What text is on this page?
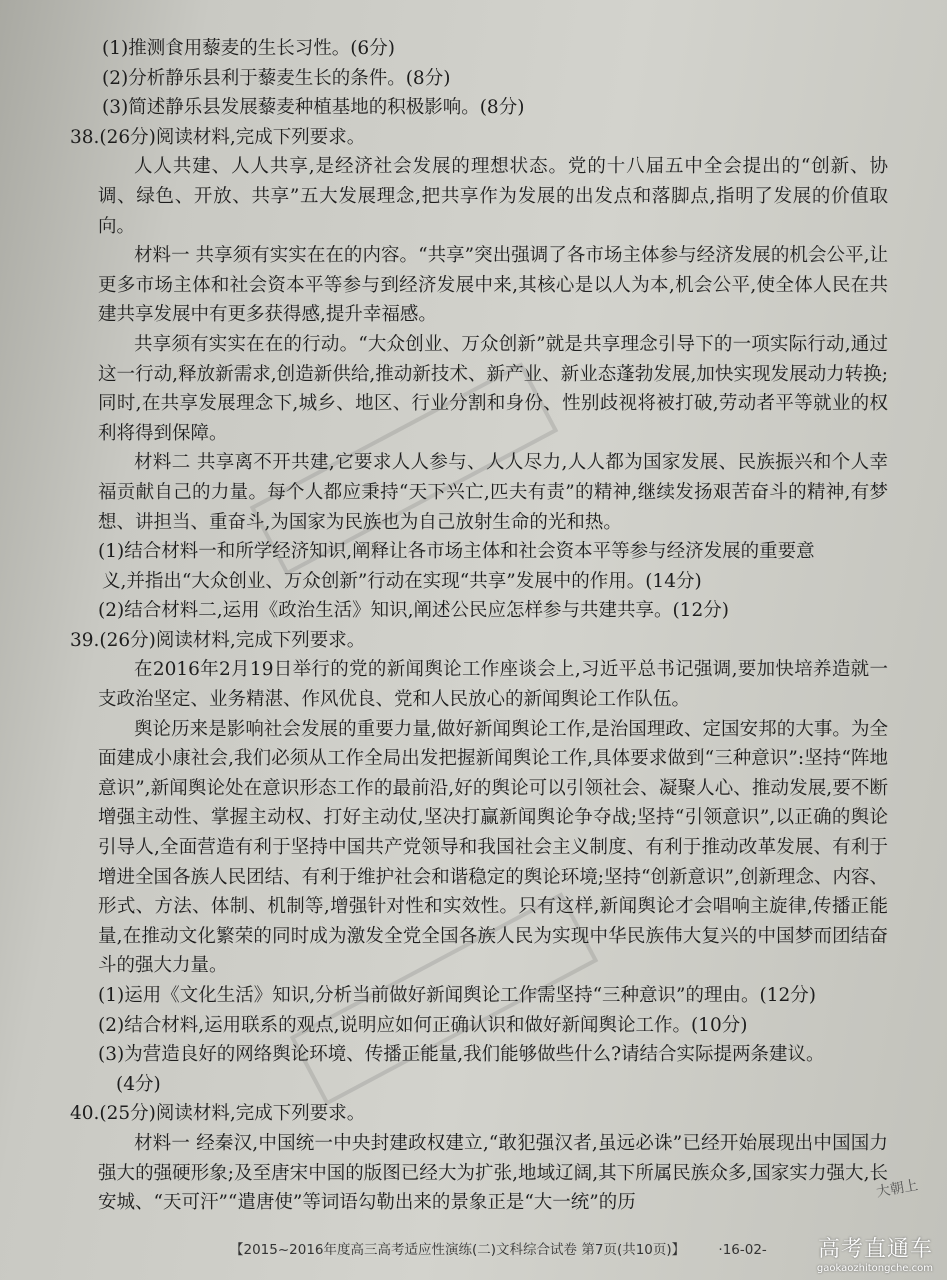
(1)推测食用藜麦的生长习性。(6分)
(2)分析静乐县利于藜麦生长的条件。(8分)
(3)简述静乐县发展藜麦种植基地的积极影响。(8分)
38.(26分)阅读材料,完成下列要求。
人人共建、人人共享,是经济社会发展的理想状态。党的十八届五中全会提出的“创新、协调、绿色、开放、共享”五大发展理念,把共享作为发展的出发点和落脚点,指明了发展的价值取向。
材料一 共享须有实实在在的内容。“共享”突出强调了各市场主体参与经济发展的机会公平,让更多市场主体和社会资本平等参与到经济发展中来,其核心是以人为本,机会公平,使全体人民在共建共享发展中有更多获得感,提升幸福感。
共享须有实实在在的行动。“大众创业、万众创新”就是共享理念引导下的一项实际行动,通过这一行动,释放新需求,创造新供给,推动新技术、新产业、新业态蓬勃发展,加快实现发展动力转换;同时,在共享发展理念下,城乡、地区、行业分割和身份、性别歧视将被打破,劳动者平等就业的权利将得到保障。
材料二 共享离不开共建,它要求人人参与、人人尽力,人人都为国家发展、民族振兴和个人幸福贡献自己的力量。每个人都应秉持“天下兴亡,匹夫有责”的精神,继续发扬艰苦奋斗的精神,有梦想、讲担当、重奋斗,为国家为民族也为自己放射生命的光和热。
(1)结合材料一和所学经济知识,阐释让各市场主体和社会资本平等参与经济发展的重要意
义,并指出“大众创业、万众创新”行动在实现“共享”发展中的作用。(14分)
(2)结合材料二,运用《政治生活》知识,阐述公民应怎样参与共建共享。(12分)
39.(26分)阅读材料,完成下列要求。
在2016年2月19日举行的党的新闻舆论工作座谈会上,习近平总书记强调,要加快培养造就一支政治坚定、业务精湛、作风优良、党和人民放心的新闻舆论工作队伍。
舆论历来是影响社会发展的重要力量,做好新闻舆论工作,是治国理政、定国安邦的大事。为全面建成小康社会,我们必须从工作全局出发把握新闻舆论工作,具体要求做到“三种意识”:坚持“阵地意识”,新闻舆论处在意识形态工作的最前沿,好的舆论可以引领社会、凝聚人心、推动发展,要不断增强主动性、掌握主动权、打好主动仗,坚决打赢新闻舆论争夺战;坚持“引领意识”,以正确的舆论引导人,全面营造有利于坚持中国共产党领导和我国社会主义制度、有利于推动改革发展、有利于增进全国各族人民团结、有利于维护社会和谐稳定的舆论环境;坚持“创新意识”,创新理念、内容、形式、方法、体制、机制等,增强针对性和实效性。只有这样,新闻舆论才会唱响主旋律,传播正能量,在推动文化繁荣的同时成为激发全党全国各族人民为实现中华民族伟大复兴的中国梦而团结奋斗的强大力量。
(1)运用《文化生活》知识,分析当前做好新闻舆论工作需坚持“三种意识”的理由。(12分)
(2)结合材料,运用联系的观点,说明应如何正确认识和做好新闻舆论工作。(10分)
(3)为营造良好的网络舆论环境、传播正能量,我们能够做些什么?请结合实际提两条建议。
(4分)
40.(25分)阅读材料,完成下列要求。
材料一 经秦汉,中国统一中央封建政权建立,“敢犯强汉者,虽远必诛”已经开始展现出中国国力强大的强硬形象;及至唐宋中国的版图已经大为扩张,地域辽阔,其下所属民族众多,国家实力强大,长安城、“天可汗”“遣唐使”等词语勾勒出来的景象正是“大一统”的历
大朝上
【2015~2016年度高三高考适应性演练(二)文科综合试卷 第7页(共10页)】	·16-02- 高考直通车
gaokaozhitongche.com
